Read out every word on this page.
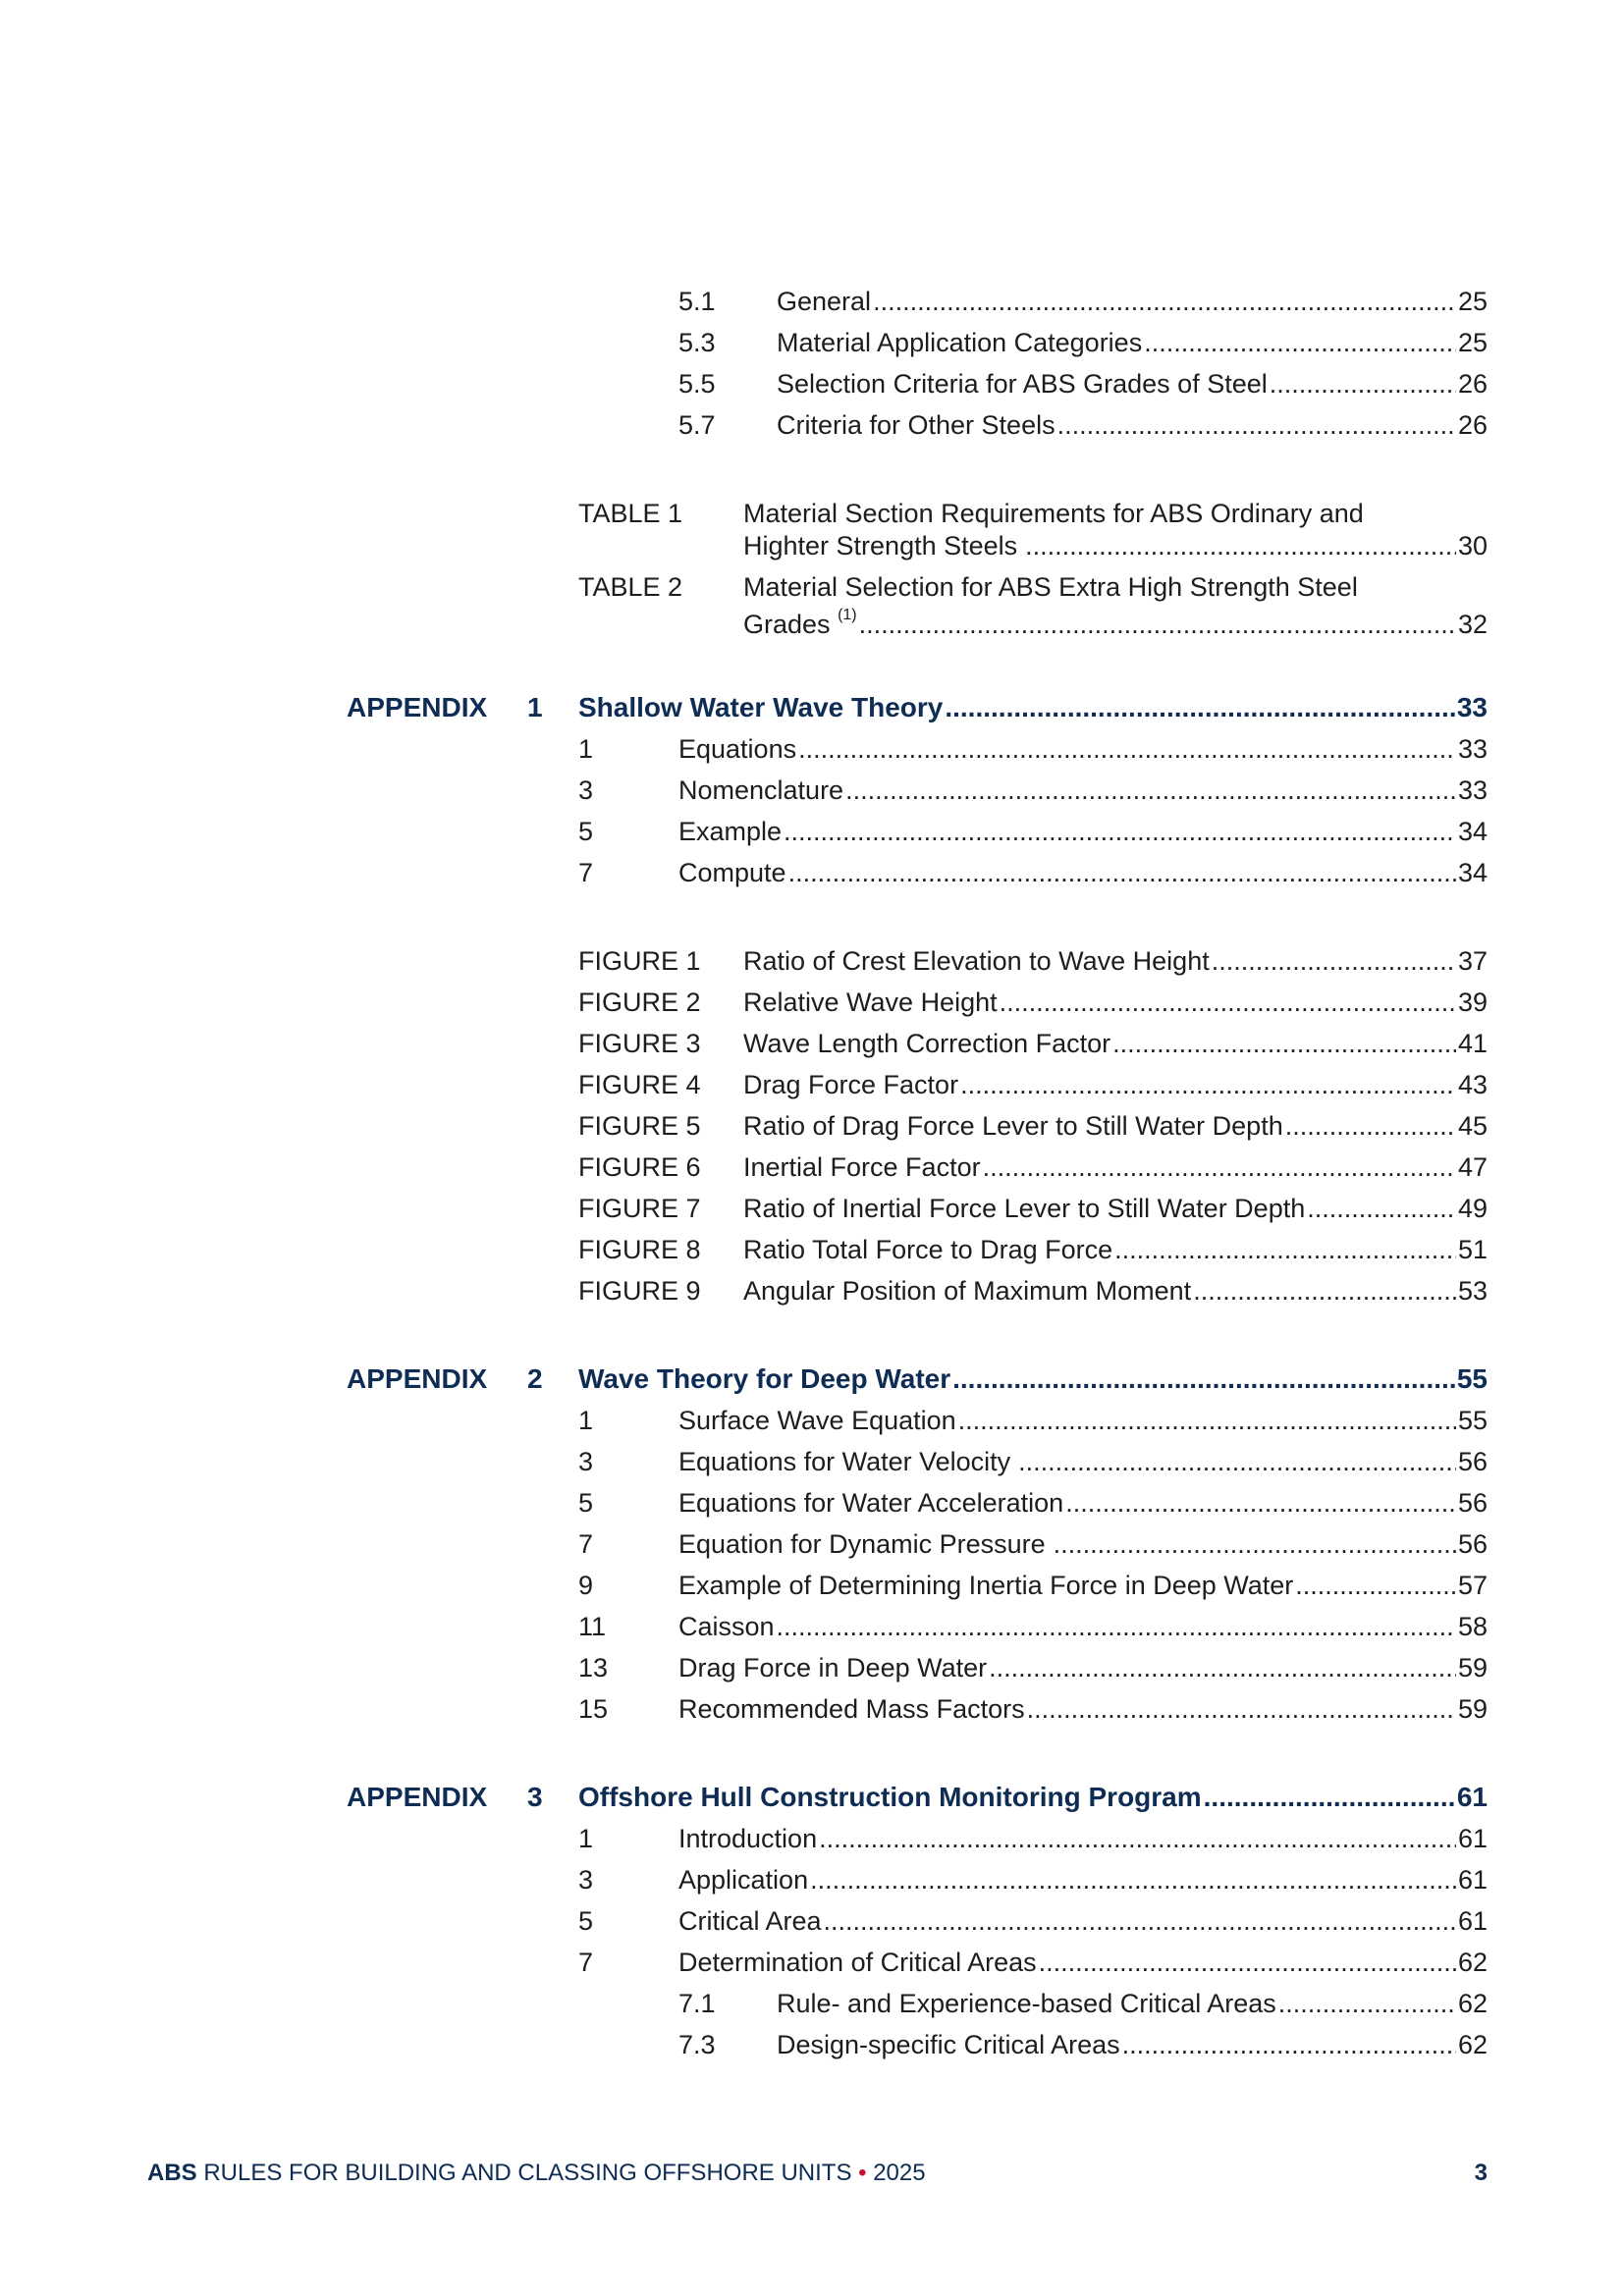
5.1 General .....	25
5.3 Material Application Categories .....	25
5.5 Selection Criteria for ABS Grades of Steel .....	26
5.7 Criteria for Other Steels .....	26
TABLE 1 Material Section Requirements for ABS Ordinary and
Highter Strength Steels .....	30
TABLE 2 Material Selection for ABS Extra High Strength Steel
Grades $^{(1)}$ .....	32
APPENDIX 1 Shallow Water Wave Theory .....	33
1	Equations .....	33
3	Nomenclature .....	33
5	Example .....	34
7	Compute .....	34
FIGURE 1 Ratio of Crest Elevation to Wave Height .....	37
FIGURE 2 Relative Wave Height .....	39
FIGURE 3 Wave Length Correction Factor .....	41
FIGURE 4 Drag Force Factor .....	43
FIGURE 5 Ratio of Drag Force Lever to Still Water Depth .....	45
FIGURE 6 Inertial Force Factor .....	47
FIGURE 7 Ratio of Inertial Force Lever to Still Water Depth .....	49
FIGURE 8 Ratio Total Force to Drag Force .....	51
FIGURE 9 Angular Position of Maximum Moment .....	53
APPENDIX 2 Wave Theory for Deep Water .....	55
1	Surface Wave Equation .....	55
3	Equations for Water Velocity .....	56
5	Equations for Water Acceleration .....	56
7	Equation for Dynamic Pressure .....	56
9	Example of Determining Inertia Force in Deep Water .....	57
11	Caisson .....	58
13	Drag Force in Deep Water .....	59
15	Recommended Mass Factors .....	59
APPENDIX 3 Offshore Hull Construction Monitoring Program .....	61
1	Introduction .....	61
3	Application .....	61
5	Critical Area .....	61
7	Determination of Critical Areas .....	62
7.1 Rule- and Experience-based Critical Areas .....	62
7.3 Design-specific Critical Areas .....	62
ABS RULES FOR BUILDING AND CLASSING OFFSHORE UNITS • 2025	3
